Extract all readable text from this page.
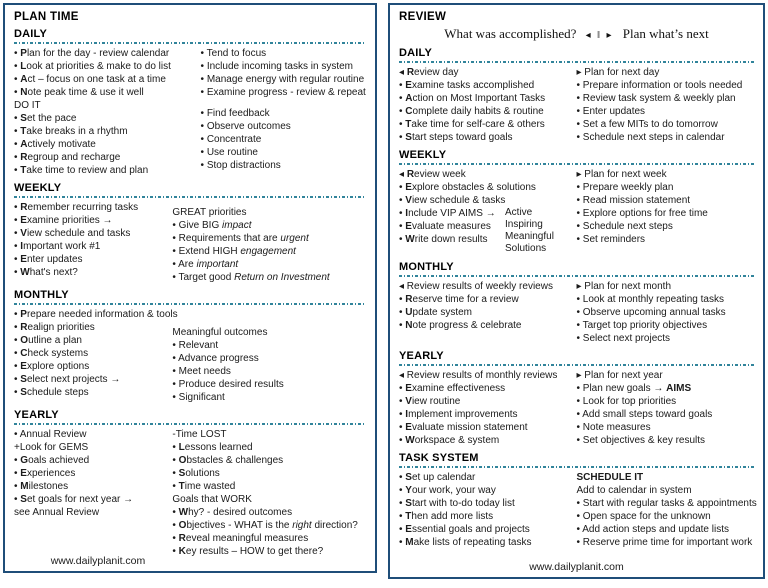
PLAN TIME
DAILY
• Plan for the day - review calendar
• Look at priorities & make to do list
• Act – focus on one task at a time
• Note peak time & use it well
DO IT
• Set the pace
• Take breaks in a rhythm
• Actively motivate
• Regroup and recharge
• Take time to review and plan
• Tend to focus
• Include incoming tasks in system
• Manage energy with regular routine
• Examine progress - review & repeat
• Find feedback
• Observe outcomes
• Concentrate
• Use routine
• Stop distractions
WEEKLY
• Remember recurring tasks
• Examine priorities →
• View schedule and tasks
• Important work #1
• Enter updates
• What's next?
GREAT priorities
• Give BIG impact
• Requirements that are urgent
• Extend HIGH engagement
• Are important
• Target good Return on Investment
MONTHLY
• Prepare needed information & tools
• Realign priorities
• Outline a plan
• Check systems
• Explore options
• Select next projects →
• Schedule steps
Meaningful outcomes
• Relevant
• Advance progress
• Meet needs
• Produce desired results
• Significant
YEARLY
• Annual Review
+Look for GEMS
• Goals achieved
• Experiences
• Milestones
• Set goals for next year →
see Annual Review
-Time LOST
• Lessons learned
• Obstacles & challenges
• Solutions
• Time wasted
Goals that WORK
• Why? - desired outcomes
• Objectives - WHAT is the right direction?
• Reveal meaningful measures
• Key results – HOW to get there?
www.dailyplanit.com
REVIEW
What was accomplished? ◂ ‖ ▸ Plan what’s next
DAILY
◂ Review day
• Examine tasks accomplished
• Action on Most Important Tasks
• Complete daily habits & routine
• Take time for self-care & others
• Start steps toward goals
▸ Plan for next day
• Prepare information or tools needed
• Review task system & weekly plan
• Enter updates
• Set a few MITs to do tomorrow
• Schedule next steps in calendar
WEEKLY
◂ Review week
• Explore obstacles & solutions
• View schedule & tasks
• Include VIP AIMS →
• Evaluate measures
• Write down results
Active
Inspiring
Meaningful
Solutions
▸ Plan for next week
• Prepare weekly plan
• Read mission statement
• Explore options for free time
• Schedule next steps
• Set reminders
MONTHLY
◂ Review results of weekly reviews
• Reserve time for a review
• Update system
• Note progress & celebrate
▸ Plan for next month
• Look at monthly repeating tasks
• Observe upcoming annual tasks
• Target top priority objectives
• Select next projects
YEARLY
◂ Review results of monthly reviews
• Examine effectiveness
• View routine
• Implement improvements
• Evaluate mission statement
• Workspace & system
▸ Plan for next year
• Plan new goals → AIMS
• Look for top priorities
• Add small steps toward goals
• Note measures
• Set objectives & key results
TASK SYSTEM
• Set up calendar
• Your work, your way
• Start with to-do today list
• Then add more lists
• Essential goals and projects
• Make lists of repeating tasks
SCHEDULE IT
Add to calendar in system
• Start with regular tasks & appointments
• Open space for the unknown
• Add action steps and update lists
• Reserve prime time for important work
www.dailyplanit.com
